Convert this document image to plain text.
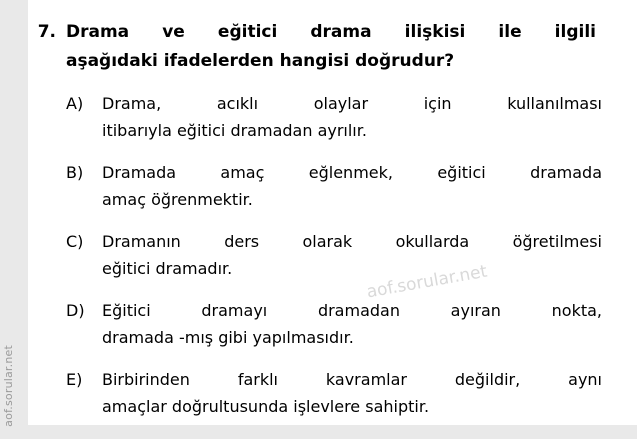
aof.sorular.net
7. Drama ve eğitici drama ilişkisi ile ilgili
aşağıdaki ifadelerden hangisi doğrudur?
A)	Drama, acıklı olaylar için kullanılması
itibarıyla eğitici dramadan ayrılır.
B)	Dramada amaç eğlenmek, eğitici dramada
amaç öğrenmektir.
C)	Dramanın ders olarak okullarda öğretilmesi
eğitici dramadır.
D)	Eğitici dramayı dramadan ayıran nokta,
dramada -mış gibi yapılmasıdır.
E)	Birbirinden farklı kavramlar değildir, aynı
amaçlar doğrultusunda işlevlere sahiptir.
aof.sorular.net
